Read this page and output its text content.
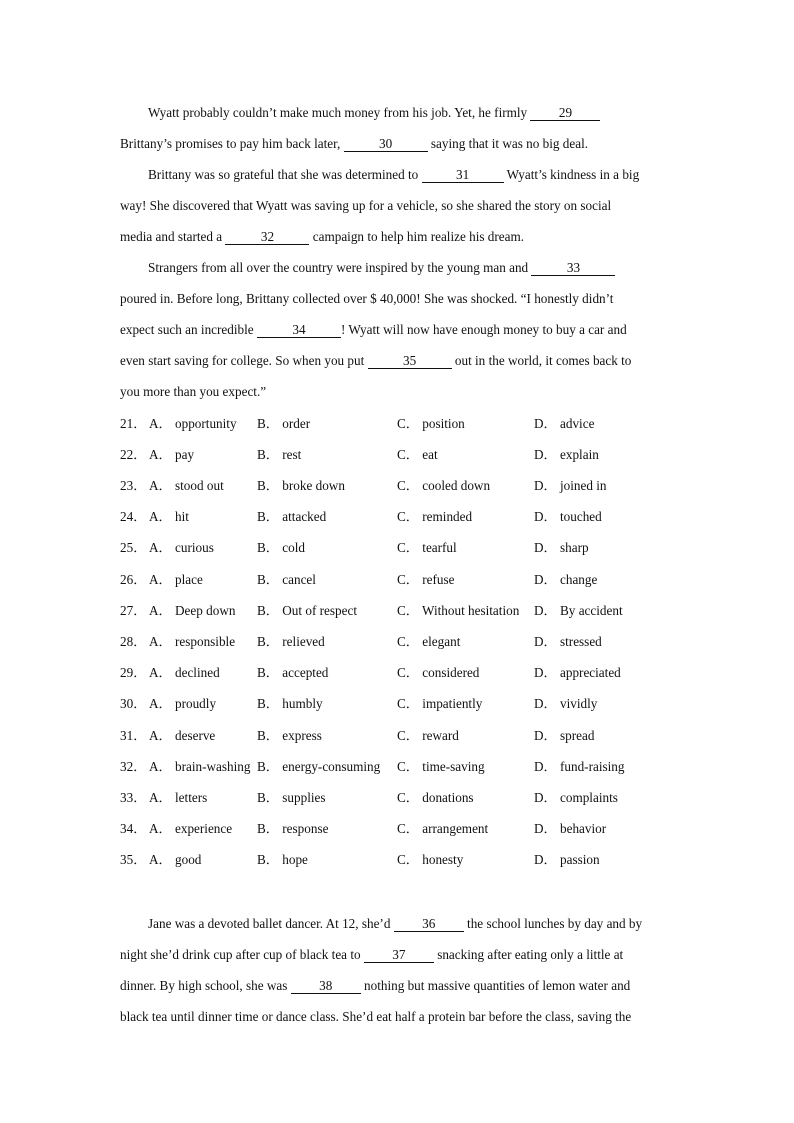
Wyatt probably couldn’t make much money from his job. Yet, he firmly 29
Brittany’s promises to pay him back later,	30	saying that it was no big deal.
Brittany was so grateful that she was determined to	31	Wyatt’s kindness in a big
way! She discovered that Wyatt was saving up for a vehicle, so she shared the story on social
media and started a	32	campaign to help him realize his dream.
Strangers from all over the country were inspired by the young man and	33
poured in. Before long, Brittany collected over $ 40,000! She was shocked. “I honestly didn’t
expect such an incredible	34	! Wyatt will now have enough money to buy a car and
even start saving for college. So when you put	35	out in the world, it comes back to
you more than you expect.”
21． A． opportunity B． order	C． position	D． advice
22． A． pay	B． rest	C． eat	D． explain
23． A． stood out	B． broke down	C． cooled down	D． joined in
24． A． hit	B． attacked	C． reminded	D． touched
25． A． curious	B． cold	C． tearful	D． sharp
26． A． place	B． cancel	C． refuse	D． change
27． A． Deep down B． Out of respect	C． Without hesitation D． By accident
28． A． responsible B． relieved	C． elegant	D． stressed
29． A． declined	B． accepted	C． considered	D． appreciated
30． A． proudly	B． humbly	C． impatiently	D． vividly
31． A． deserve	B． express	C． reward	D． spread
32． A． brain-washing B． energy-consuming C． time-saving	D． fund-raising
33． A． letters	B． supplies	C． donations	D． complaints
34． A． experience B． response	C． arrangement	D． behavior
35． A． good	B． hope	C． honesty	D． passion
Jane was a devoted ballet dancer. At 12, she’d 36 the school lunches by day and by
night she’d drink cup after cup of black tea to 37 snacking after eating only a little at
dinner. By high school, she was 38 nothing but massive quantities of lemon water and
black tea until dinner time or dance class. She’d eat half a protein bar before the class, saving the
